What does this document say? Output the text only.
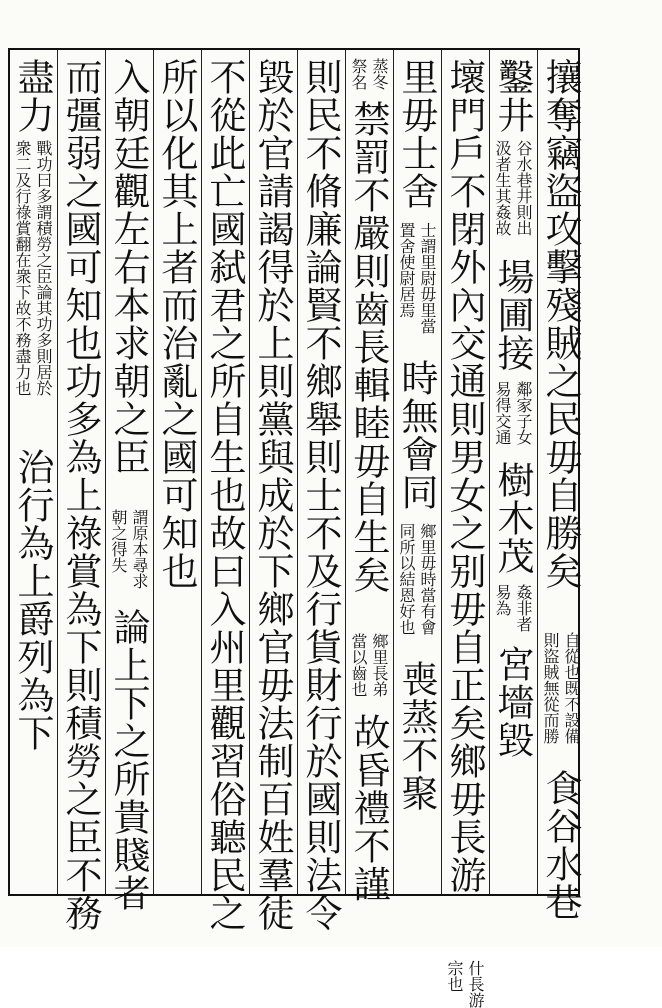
攘奪竊盜攻擊殘賊之民毋自勝矣
自從也既不設備
則盜賊無從而勝
食谷水巷
鑿井
谷水巷井則出
汲者生其姦故
場圃接
鄰家子女
易得交通
樹木茂
姦非者
易為
宮墻毀
壞門戶不閉外內交通則男女之别毋自正矣鄉毋長游
什長游
宗也
里毋士舍
士謂里尉毋里當
置舍使尉居焉
時無會同
鄉里毋時當有會
同所以結恩好也
喪蒸不聚
蒸冬
祭名
禁罰不嚴則齒長輯睦毋自生矣
鄉里長弟
當以齒也
故昏禮不謹
則民不脩廉論賢不鄉舉則士不及行貨財行於國則法令
毀於官請謁得於上則黨與成於下鄉官毋法制百姓羣徒
不從此亡國弑君之所自生也故曰入州里觀習俗聽民之
所以化其上者而治亂之國可知也
入朝廷觀左右本求朝之臣
謂原本尋求
朝之得失
論上下之所貴賤者
而彊弱之國可知也功多為上祿賞為下則積勞之臣不務
盡力
戰功曰多謂積勞之臣論其功多則居於
衆二及行祿賞翻在衆下故不務盡力也
治行為上爵列為下
